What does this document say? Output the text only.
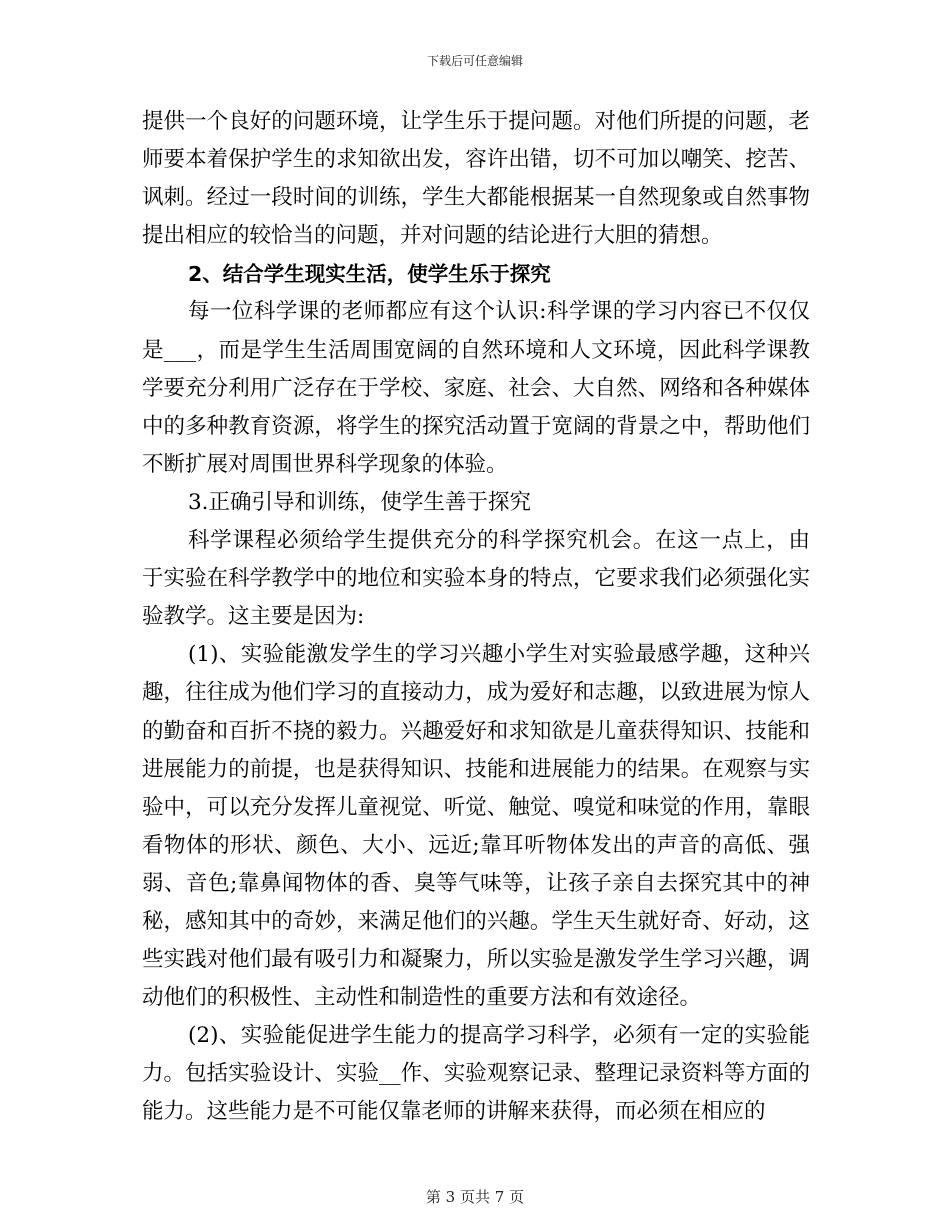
下载后可任意编辑

提供一个良好的问题环境，让学生乐于提问题。对他们所提的问题，老师要本着保护学生的求知欲出发，容许出错，切不可加以嘲笑、挖苦、讽刺。经过一段时间的训练，学生大都能根据某一自然现象或自然事物提出相应的较恰当的问题，并对问题的结论进行大胆的猜想。

2、结合学生现实生活，使学生乐于探究

每一位科学课的老师都应有这个认识:科学课的学习内容已不仅仅是___，而是学生生活周围宽阔的自然环境和人文环境，因此科学课教学要充分利用广泛存在于学校、家庭、社会、大自然、网络和各种媒体中的多种教育资源，将学生的探究活动置于宽阔的背景之中，帮助他们不断扩展对周围世界科学现象的体验。

3.正确引导和训练，使学生善于探究

科学课程必须给学生提供充分的科学探究机会。在这一点上，由于实验在科学教学中的地位和实验本身的特点，它要求我们必须强化实验教学。这主要是因为:

(1)、实验能激发学生的学习兴趣小学生对实验最感学趣，这种兴趣，往往成为他们学习的直接动力，成为爱好和志趣，以致进展为惊人的勤奋和百折不挠的毅力。兴趣爱好和求知欲是儿童获得知识、技能和进展能力的前提，也是获得知识、技能和进展能力的结果。在观察与实验中，可以充分发挥儿童视觉、听觉、触觉、嗅觉和味觉的作用，靠眼看物体的形状、颜色、大小、远近;靠耳听物体发出的声音的高低、强弱、音色;靠鼻闻物体的香、臭等气味等，让孩子亲自去探究其中的神秘，感知其中的奇妙，来满足他们的兴趣。学生天生就好奇、好动，这些实践对他们最有吸引力和凝聚力，所以实验是激发学生学习兴趣，调动他们的积极性、主动性和制造性的重要方法和有效途径。

(2)、实验能促进学生能力的提高学习科学，必须有一定的实验能力。包括实验设计、实验__作、实验观察记录、整理记录资料等方面的能力。这些能力是不可能仅靠老师的讲解来获得，而必须在相应的

第 3 页共 7 页
